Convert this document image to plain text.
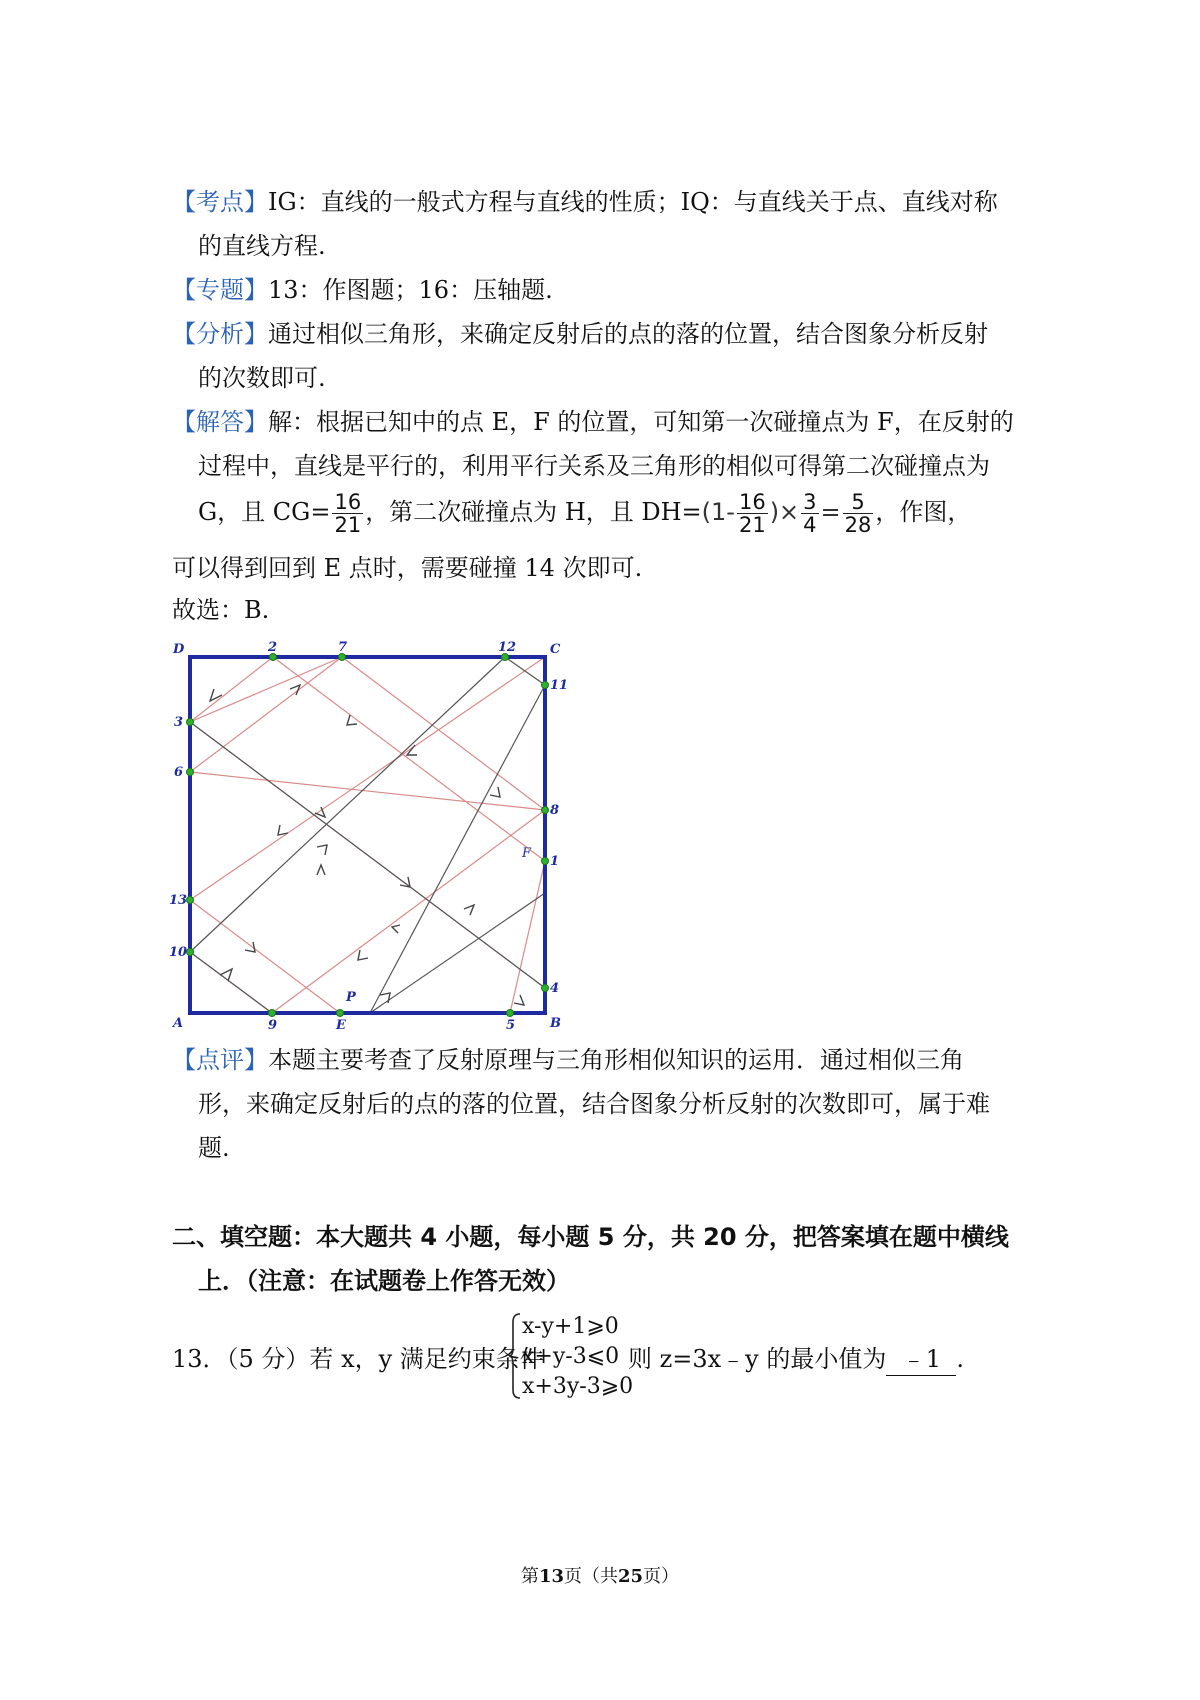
【考点】IG：直线的一般式方程与直线的性质；IQ：与直线关于点、直线对称
的直线方程.
【专题】13：作图题；16：压轴题.
【分析】通过相似三角形，来确定反射后的点的落的位置，结合图象分析反射
的次数即可.
【解答】解：根据已知中的点 E，F 的位置，可知第一次碰撞点为 F，在反射的
过程中，直线是平行的，利用平行关系及三角形的相似可得第二次碰撞点为
G，且 $CG= \frac{16}{21}$ ，第二次碰撞点为 H，且 $DH=(1- \frac{16}{21}$ )× $\frac{3}{4} = \frac{5}{28}$ ，作图，
可以得到回到 E 点时，需要碰撞 14 次即可.
故选：B.
D	C
A	B
2	7	12
3
6
13
10
11
8
1
4
9	E	5
F
P
【点评】本题主要考查了反射原理与三角形相似知识的运用．通过相似三角
形，来确定反射后的点的落的位置，结合图象分析反射的次数即可，属于难
题.
二、填空题：本大题共 4 小题，每小题 5 分，共 20 分，把答案填在题中横线
上．（注意：在试题卷上作答无效）
13．（5 分）若 x，y 满足约束条件
x-y+1⩾0
x+y-3⩽0
x+3y-3⩾0
则 z=3x﹣y 的最小值为 ﹣1 .
第13页（共25页）
